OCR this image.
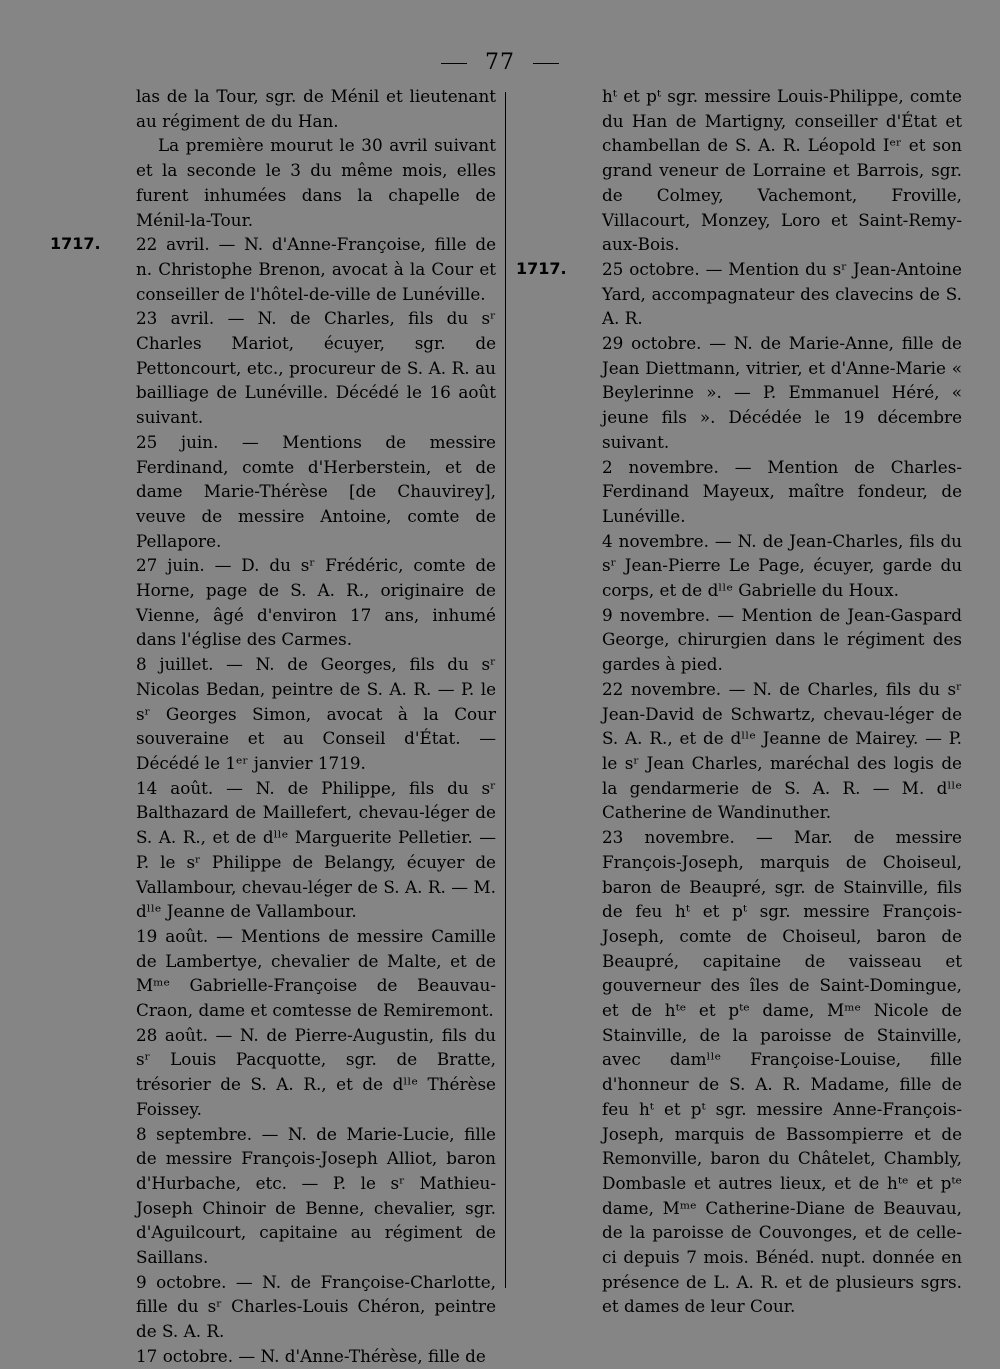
77

las de la Tour, sgr. de Ménil et lieutenant au régiment de du Han.

La première mourut le 30 avril suivant et la seconde le 3 du même mois, elles furent inhumées dans la chapelle de Ménil-la-Tour.

1717. 22 avril. — N. d'Anne-Françoise, fille de n. Christophe Brenon, avocat à la Cour et conseiller de l'hôtel-de-ville de Lunéville.

23 avril. — N. de Charles, fils du sʳ Charles Mariot, écuyer, sgr. de Pettoncourt, etc., procureur de S. A. R. au bailliage de Lunéville. Décédé le 16 août suivant.

25 juin. — Mentions de messire Ferdinand, comte d'Herberstein, et de dame Marie-Thérèse [de Chauvirey], veuve de messire Antoine, comte de Pellapore.

27 juin. — D. du sʳ Frédéric, comte de Horne, page de S. A. R., originaire de Vienne, âgé d'environ 17 ans, inhumé dans l'église des Carmes.

8 juillet. — N. de Georges, fils du sʳ Nicolas Bedan, peintre de S. A. R. — P. le sʳ Georges Simon, avocat à la Cour souveraine et au Conseil d'État. — Décédé le 1ᵉʳ janvier 1719.

14 août. — N. de Philippe, fils du sʳ Balthazard de Maillefert, chevau-léger de S. A. R., et de dˡˡᵉ Marguerite Pelletier. — P. le sʳ Philippe de Belangy, écuyer de Vallambour, chevau-léger de S. A. R. — M. dˡˡᵉ Jeanne de Vallambour.

19 août. — Mentions de messire Camille de Lambertye, chevalier de Malte, et de Mᵐᵉ Gabrielle-Françoise de Beauvau-Craon, dame et comtesse de Remiremont.

28 août. — N. de Pierre-Augustin, fils du sʳ Louis Pacquotte, sgr. de Bratte, trésorier de S. A. R., et de dˡˡᵉ Thérèse Foissey.

8 septembre. — N. de Marie-Lucie, fille de messire François-Joseph Alliot, baron d'Hurbache, etc. — P. le sʳ Mathieu-Joseph Chinoir de Benne, chevalier, sgr. d'Aguilcourt, capitaine au régiment de Saillans.

9 octobre. — N. de Françoise-Charlotte, fille du sʳ Charles-Louis Chéron, peintre de S. A. R.

17 octobre. — N. d'Anne-Thérèse, fille de

hᵗ et pᵗ sgr. messire Louis-Philippe, comte du Han de Martigny, conseiller d'État et chambellan de S. A. R. Léopold Iᵉʳ et son grand veneur de Lorraine et Barrois, sgr. de Colmey, Vachemont, Froville, Villacourt, Monzey, Loro et Saint-Remy-aux-Bois.

1717. 25 octobre. — Mention du sʳ Jean-Antoine Yard, accompagnateur des clavecins de S. A. R.

29 octobre. — N. de Marie-Anne, fille de Jean Diettmann, vitrier, et d'Anne-Marie « Beylerinne ». — P. Emmanuel Héré, « jeune fils ». Décédée le 19 décembre suivant.

2 novembre. — Mention de Charles-Ferdinand Mayeux, maître fondeur, de Lunéville.

4 novembre. — N. de Jean-Charles, fils du sʳ Jean-Pierre Le Page, écuyer, garde du corps, et de dˡˡᵉ Gabrielle du Houx.

9 novembre. — Mention de Jean-Gaspard George, chirurgien dans le régiment des gardes à pied.

22 novembre. — N. de Charles, fils du sʳ Jean-David de Schwartz, chevau-léger de S. A. R., et de dˡˡᵉ Jeanne de Mairey. — P. le sʳ Jean Charles, maréchal des logis de la gendarmerie de S. A. R. — M. dˡˡᵉ Catherine de Wandinuther.

23 novembre. — Mar. de messire François-Joseph, marquis de Choiseul, baron de Beaupré, sgr. de Stainville, fils de feu hᵗ et pᵗ sgr. messire François-Joseph, comte de Choiseul, baron de Beaupré, capitaine de vaisseau et gouverneur des îles de Saint-Domingue, et de hᵗᵉ et pᵗᵉ dame, Mᵐᵉ Nicole de Stainville, de la paroisse de Stainville, avec damˡˡᵉ Françoise-Louise, fille d'honneur de S. A. R. Madame, fille de feu hᵗ et pᵗ sgr. messire Anne-François-Joseph, marquis de Bassompierre et de Remonville, baron du Châtelet, Chambly, Dombasle et autres lieux, et de hᵗᵉ et pᵗᵉ dame, Mᵐᵉ Catherine-Diane de Beauvau, de la paroisse de Couvonges, et de celle-ci depuis 7 mois. Bénéd. nupt. donnée en présence de L. A. R. et de plusieurs sgrs. et dames de leur Cour.
